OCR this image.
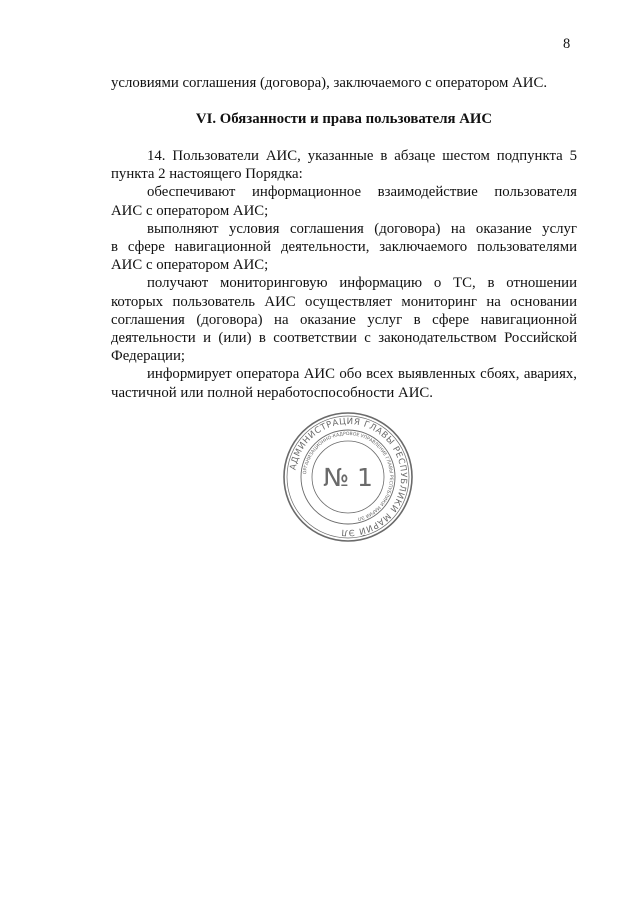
8
условиями соглашения (договора), заключаемого с оператором АИС.
VI. Обязанности и права пользователя АИС
14. Пользователи АИС, указанные в абзаце шестом подпункта 5
пункта 2 настоящего Порядка:
обеспечивают информационное взаимодействие пользователя
АИС с оператором АИС;
выполняют условия соглашения (договора) на оказание услуг
в сфере навигационной деятельности, заключаемого пользователями
АИС с оператором АИС;
получают мониторинговую информацию о ТС, в отношении
которых пользователь АИС осуществляет мониторинг на основании
соглашения (договора) на оказание услуг в сфере навигационной
деятельности и (или) в соответствии с законодательством Российской
Федерации;
информирует оператора АИС обо всех выявленных сбоях, авариях,
частичной или полной неработоспособности АИС.
АДМИНИСТРАЦИЯ ГЛАВЫ РЕСПУБЛИКИ МАРИЙ ЭЛ
ОРГАНИЗАЦИОННО-КАДРОВОЕ УПРАВЛЕНИЕ ГЛАВЫ РЕСПУБЛИКИ МАРИЙ ЭЛ
№ 1
